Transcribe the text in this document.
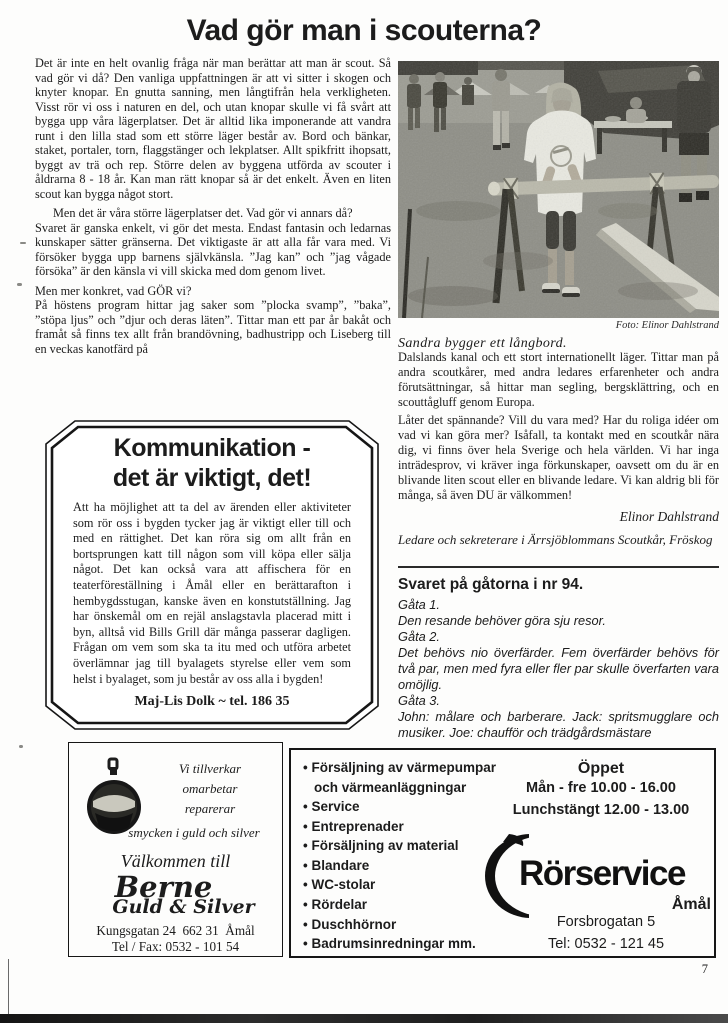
Vad gör man i scouterna?

Det är inte en helt ovanlig fråga när man berättar att man är scout. Så vad gör vi då? Den vanliga uppfattningen är att vi sitter i skogen och knyter knopar. En gnutta sanning, men långtifrån hela verkligheten. Visst rör vi oss i naturen en del, och utan knopar skulle vi få svårt att bygga upp våra lägerplatser. Det är alltid lika imponerande att vandra runt i den lilla stad som ett större läger består av. Bord och bänkar, staket, portaler, torn, flaggstänger och lekplatser. Allt spikfritt ihopsatt, byggt av trä och rep. Större delen av byggena utförda av scouter i åldrarna 8 - 18 år. Kan man rätt knopar så är det enkelt. Även en liten scout kan bygga något stort.

Men det är våra större lägerplatser det. Vad gör vi annars då?

Svaret är ganska enkelt, vi gör det mesta. Endast fantasin och ledarnas kunskaper sätter gränserna. Det viktigaste är att alla får vara med. Vi försöker bygga upp barnens självkänsla. ”Jag kan” och ”jag vågade försöka” är den känsla vi vill skicka med dom genom livet.

Men mer konkret, vad GÖR vi?

På höstens program hittar jag saker som ”plocka svamp”, ”baka”, ”stöpa ljus” och ”djur och deras läten”. Tittar man ett par år bakåt och framåt så finns tex allt från brandövning, badhustripp och Liseberg till en veckas kanotfärd på

Foto: Elinor Dahlstrand
Sandra bygger ett långbord.

Dalslands kanal och ett stort internationellt läger. Tittar man på andra scoutkårer, med andra ledares erfarenheter och andra förutsättningar, så hittar man segling, bergsklättring, och en scouttågluff genom Europa.

Låter det spännande? Vill du vara med? Har du roliga idéer om vad vi kan göra mer? Isåfall, ta kontakt med en scoutkår nära dig, vi finns över hela Sverige och hela världen. Vi har inga inträdesprov, vi kräver inga förkunskaper, oavsett om du är en blivande liten scout eller en blivande ledare. Vi kan aldrig bli för många, så även DU är välkommen!

Elinor Dahlstrand
Ledare och sekreterare i Ärrsjöblommans Scoutkår, Fröskog
Svaret på gåtorna i nr 94.
Gåta 1.
Den resande behöver göra sju resor.
Gåta 2.
Det behövs nio överfärder. Fem överfärder behövs för två par, men med fyra eller fler par skulle överfarten vara omöjlig.
Gåta 3.
John: målare och barberare. Jack: spritsmugglare och musiker. Joe: chaufför och trädgårdsmästare
Kommunikation -
det är viktigt, det!

Att ha möjlighet att ta del av ärenden eller aktiviteter som rör oss i bygden tycker jag är viktigt eller till och med en rättighet. Det kan röra sig om allt från en bortsprungen katt till någon som vill köpa eller sälja något. Det kan också vara att affischera för en teaterföreställning i Åmål eller en berättarafton i hembygdsstugan, kanske även en konstutställning. Jag har önskemål om en rejäl anslagstavla placerad mitt i byn, alltså vid Bills Grill där många passerar dagligen. Frågan om vem som ska ta itu med och utföra arbetet överlämnar jag till byalagets styrelse eller vem som helst i byalaget, som ju består av oss alla i bygden!

Maj-Lis Dolk ~ tel. 186 35
Vi tillverkar
omarbetar
reparerar
smycken i guld och silver
Välkommen till
Berne
Guld & Silver
Kungsgatan 24  662 31  Åmål
Tel / Fax: 0532 - 101 54
• Försäljning av värmepumpar och värmeanläggningar
• Service
• Entreprenader
• Försäljning av material
• Blandare
• WC-stolar
• Rördelar
• Duschhörnor
• Badrumsinredningar mm.
Öppet
Mån - fre 10.00 - 16.00
Lunchstängt 12.00 - 13.00
Rörservice
Åmål
Forsbrogatan 5
Tel: 0532 - 121 45
7
